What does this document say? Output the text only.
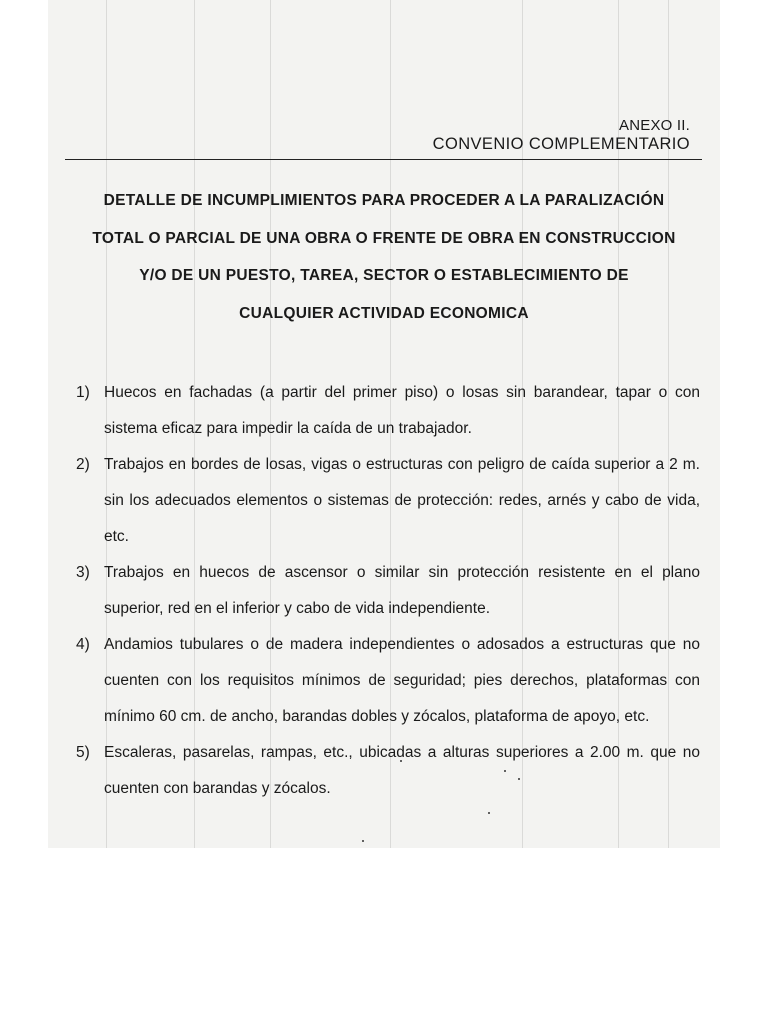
ANEXO II.
CONVENIO COMPLEMENTARIO
DETALLE DE INCUMPLIMIENTOS PARA PROCEDER A LA PARALIZACIÓN
TOTAL O PARCIAL DE UNA OBRA O FRENTE DE OBRA EN CONSTRUCCION
Y/O DE UN PUESTO, TAREA, SECTOR O ESTABLECIMIENTO DE
CUALQUIER ACTIVIDAD ECONOMICA
1) Huecos en fachadas (a partir del primer piso) o losas sin barandear, tapar o con sistema eficaz para impedir la caída de un trabajador.
2) Trabajos en bordes de losas, vigas o estructuras con peligro de caída superior a 2 m. sin los adecuados elementos o sistemas de protección: redes, arnés y cabo de vida, etc.
3) Trabajos en huecos de ascensor o similar sin protección resistente en el plano superior, red en el inferior y cabo de vida independiente.
4) Andamios tubulares o de madera independientes o adosados a estructuras que no cuenten con los requisitos mínimos de seguridad; pies derechos, plataformas con mínimo 60 cm. de ancho, barandas dobles y zócalos, plataforma de apoyo, etc.
5) Escaleras, pasarelas, rampas, etc., ubicadas a alturas superiores a 2.00 m. que no cuenten con barandas y zócalos.
